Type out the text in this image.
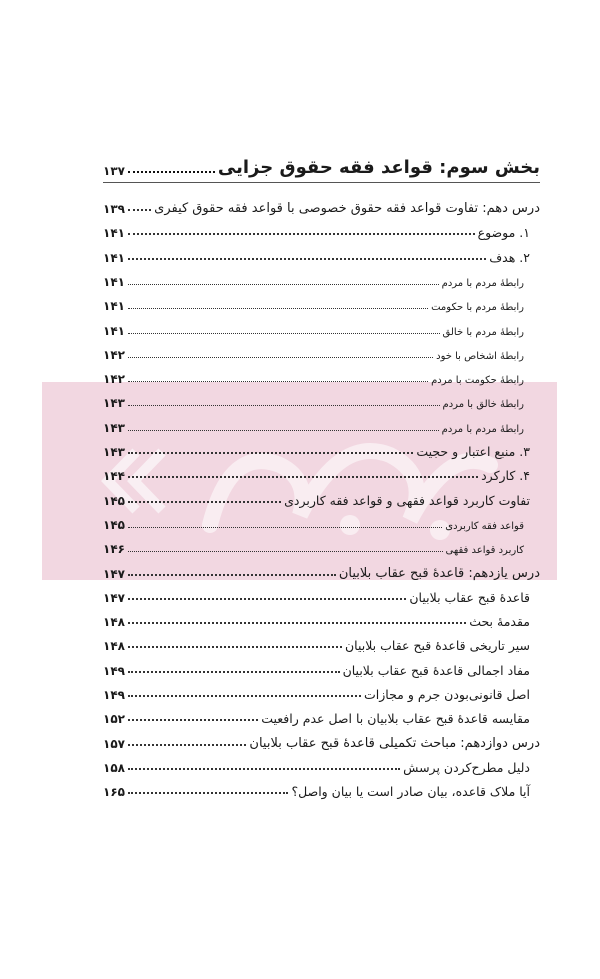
بخش سوم: قواعد فقه حقوق جزایی
۱۳۷
درس دهم: تفاوت قواعد فقه حقوق خصوصی با قواعد فقه حقوق کیفری
۱۳۹
۱. موضوع
۱۴۱
۲. هدف
۱۴۱
رابطۀ مردم با مردم
۱۴۱
رابطۀ مردم با حکومت
۱۴۱
رابطۀ مردم با خالق
۱۴۱
رابطۀ اشخاص با خود
۱۴۲
رابطۀ حکومت با مردم
۱۴۲
رابطۀ خالق با مردم
۱۴۳
رابطۀ مردم با مردم
۱۴۳
۳. منبع اعتبار و حجیت
۱۴۳
۴. کارکرد
۱۴۴
تفاوت کاربرد قواعد فقهی و قواعد فقه کاربردی
۱۴۵
قواعد فقه کاربردی
۱۴۵
کاربرد قواعد فقهی
۱۴۶
درس یازدهم: قاعدۀ قبح عقاب بلابیان
۱۴۷
قاعدۀ قبح عقاب بلابیان
۱۴۷
مقدمۀ بحث
۱۴۸
سیر تاریخی قاعدۀ قبح عقاب بلابیان
۱۴۸
مفاد اجمالی قاعدۀ قبح عقاب بلابیان
۱۴۹
اصل قانونی‌بودن جرم و مجازات
۱۴۹
مقایسه قاعدۀ قبح عقاب بلابیان با اصل عدم رافعیت
۱۵۲
درس دوازدهم: مباحث تکمیلی قاعدۀ قبح عقاب بلابیان
۱۵۷
دلیل مطرح‌کردن پرسش
۱۵۸
آیا ملاک قاعده، بیان صادر است یا بیان واصل؟
۱۶۵
